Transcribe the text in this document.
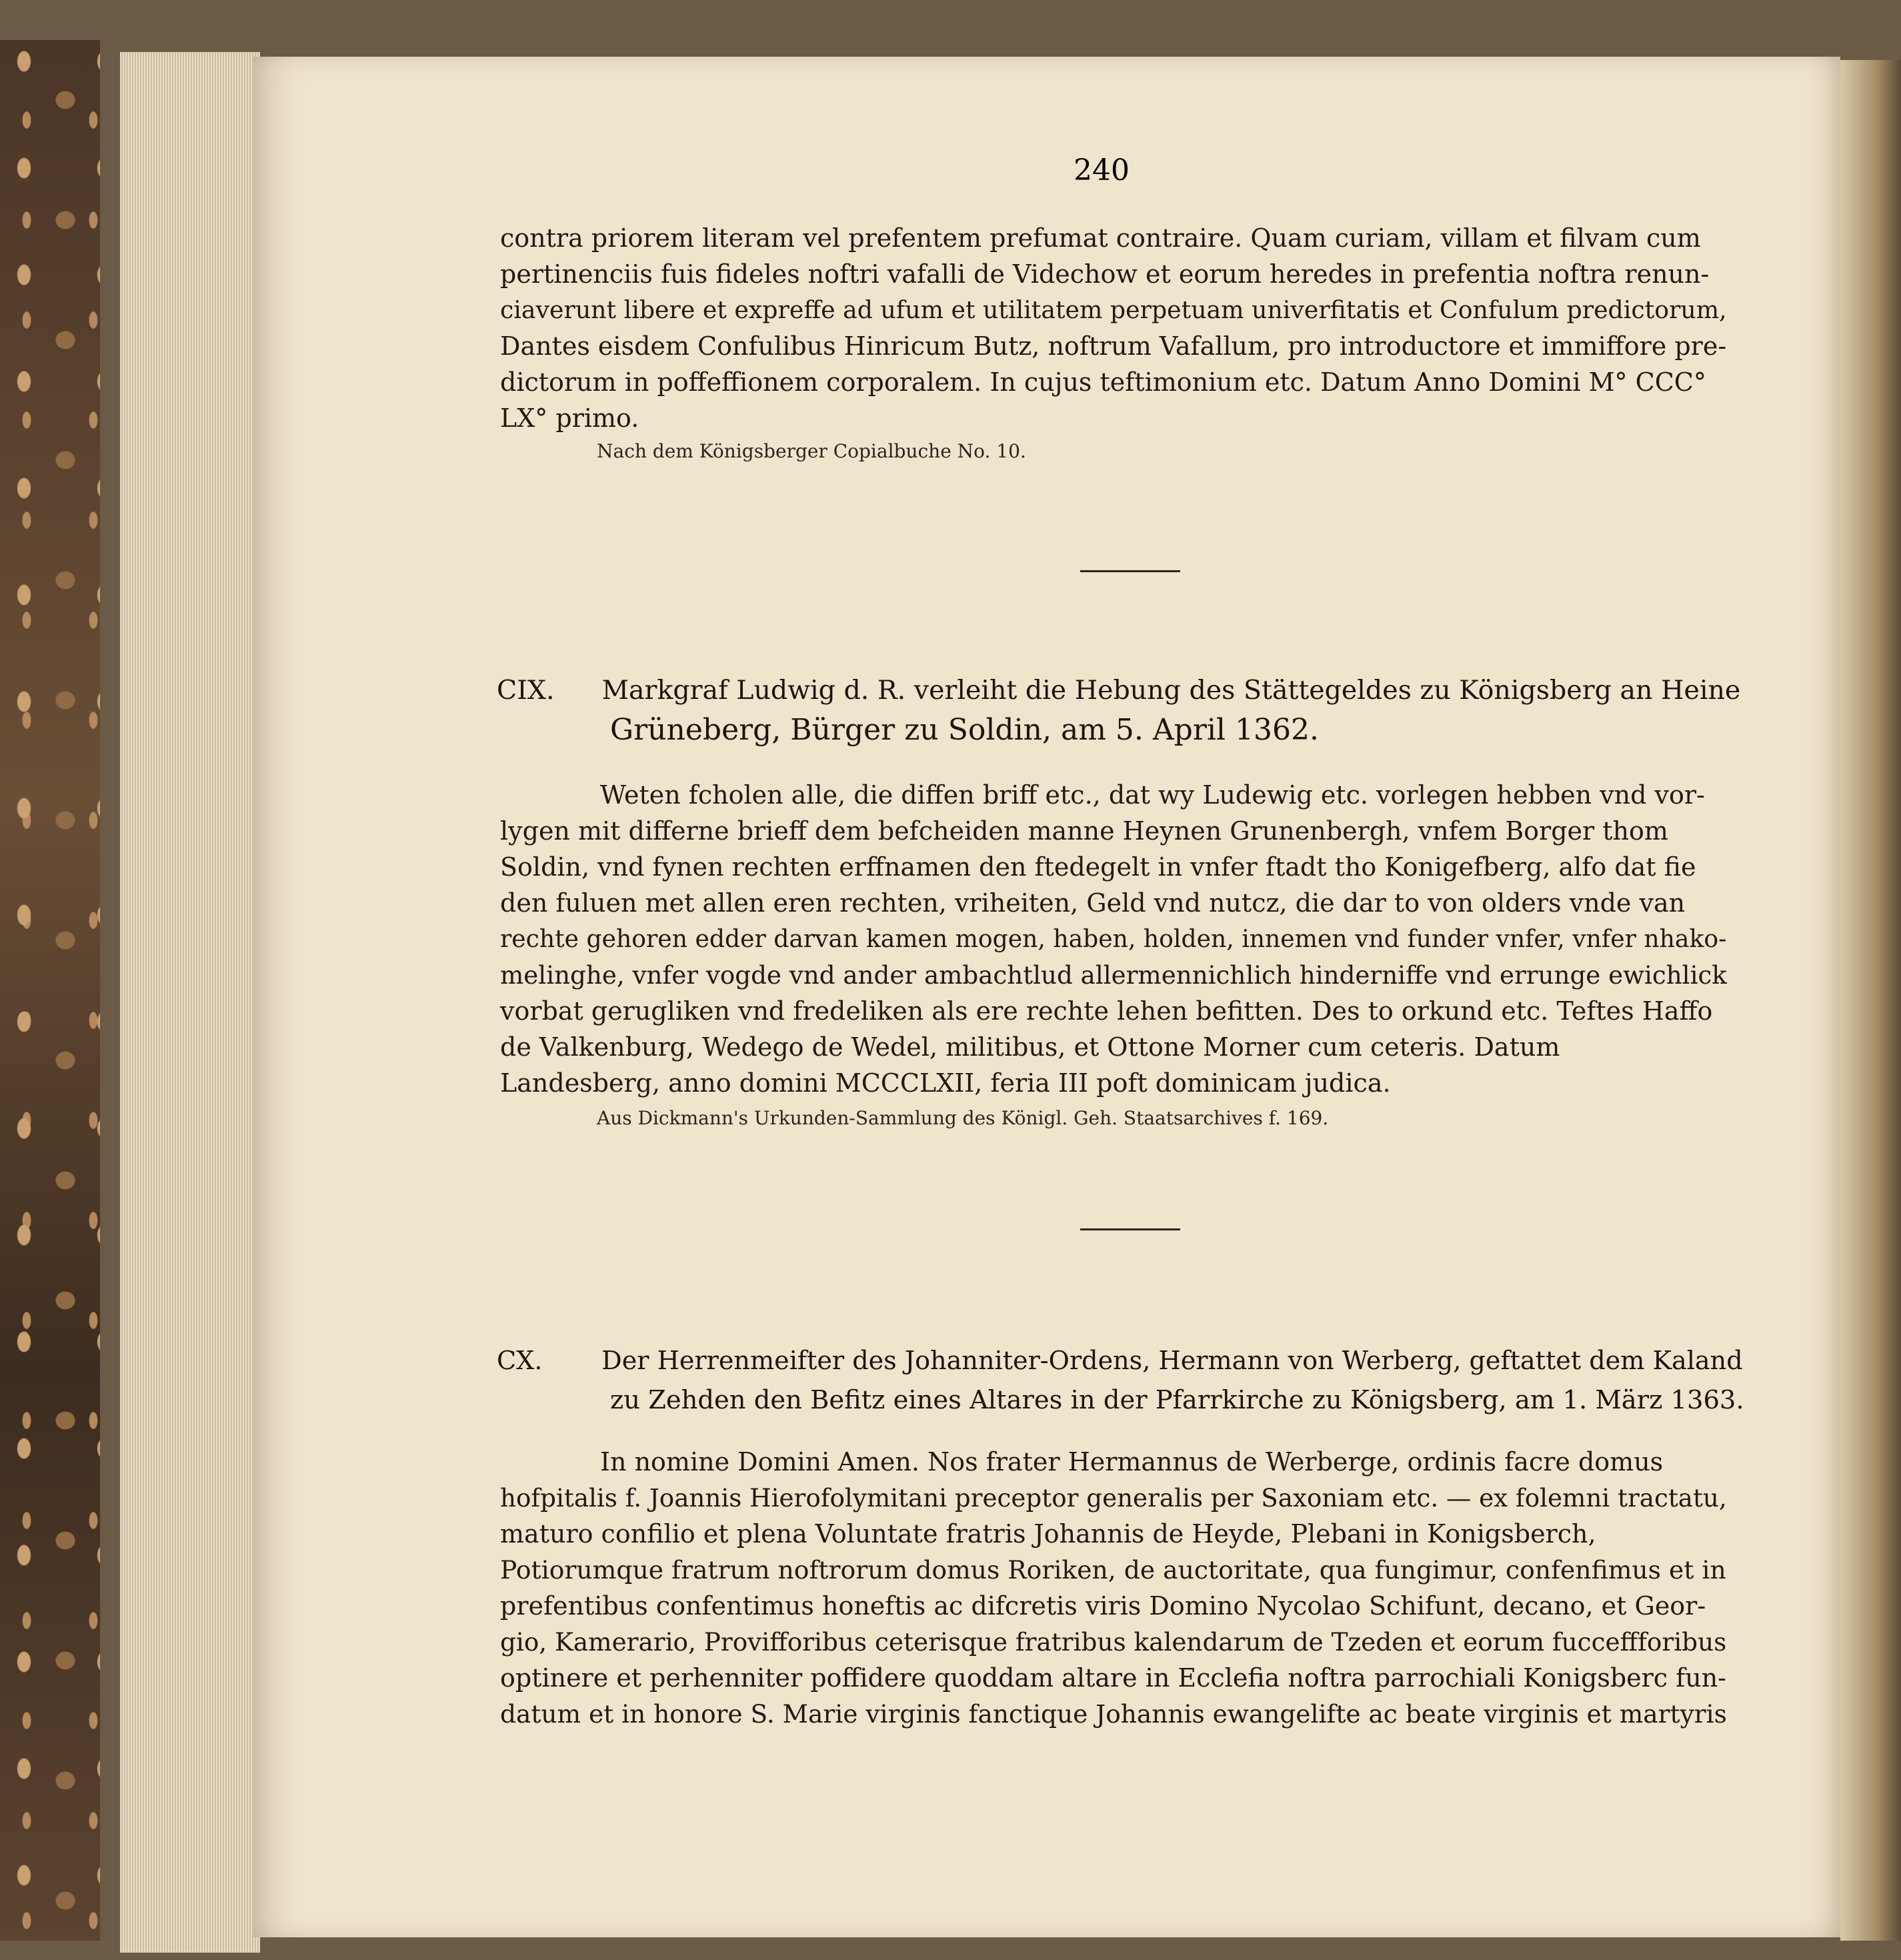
240
contra priorem literam vel prefentem prefumat contraire. Quam curiam, villam et filvam cum
pertinenciis fuis fideles noftri vafalli de Videchow et eorum heredes in prefentia noftra renun-
ciaverunt libere et expreffe ad ufum et utilitatem perpetuam univerfitatis et Confulum predictorum,
Dantes eisdem Confulibus Hinricum Butz, noftrum Vafallum, pro introductore et immiffore pre-
dictorum in poffeffionem corporalem. In cujus teftimonium etc. Datum Anno Domini M° CCC°
LX° primo.
Nach dem Königsberger Copialbuche No. 10.
CIX. Markgraf Ludwig d. R. verleiht die Hebung des Stättegeldes zu Königsberg an Heine
Grüneberg, Bürger zu Soldin, am 5. April 1362.
Weten fcholen alle, die diffen briff etc., dat wy Ludewig etc. vorlegen hebben vnd vor-
lygen mit differne brieff dem befcheiden manne Heynen Grunenbergh, vnfem Borger thom
Soldin, vnd fynen rechten erffnamen den ftedegelt in vnfer ftadt tho Konigefberg, alfo dat fie
den fuluen met allen eren rechten, vriheiten, Geld vnd nutcz, die dar to von olders vnde van
rechte gehoren edder darvan kamen mogen, haben, holden, innemen vnd funder vnfer, vnfer nhako-
melinghe, vnfer vogde vnd ander ambachtlud allermennichlich hinderniffe vnd errunge ewichlick
vorbat gerugliken vnd fredeliken als ere rechte lehen befitten. Des to orkund etc. Teftes Haffo
de Valkenburg, Wedego de Wedel, militibus, et Ottone Morner cum ceteris. Datum
Landesberg, anno domini MCCCLXII, feria III poft dominicam judica.
Aus Dickmann's Urkunden-Sammlung des Königl. Geh. Staatsarchives f. 169.
CX. Der Herrenmeifter des Johanniter-Ordens, Hermann von Werberg, geftattet dem Kaland
zu Zehden den Befitz eines Altares in der Pfarrkirche zu Königsberg, am 1. März 1363.
In nomine Domini Amen. Nos frater Hermannus de Werberge, ordinis facre domus
hofpitalis f. Joannis Hierofolymitani preceptor generalis per Saxoniam etc. — ex folemni tractatu,
maturo confilio et plena Voluntate fratris Johannis de Heyde, Plebani in Konigsberch,
Potiorumque fratrum noftrorum domus Roriken, de auctoritate, qua fungimur, confenfimus et in
prefentibus confentimus honeftis ac difcretis viris Domino Nycolao Schifunt, decano, et Geor-
gio, Kamerario, Provifforibus ceterisque fratribus kalendarum de Tzeden et eorum fucceffforibus
optinere et perhenniter poffidere quoddam altare in Ecclefia noftra parrochiali Konigsberc fun-
datum et in honore S. Marie virginis fanctique Johannis ewangelifte ac beate virginis et martyris
